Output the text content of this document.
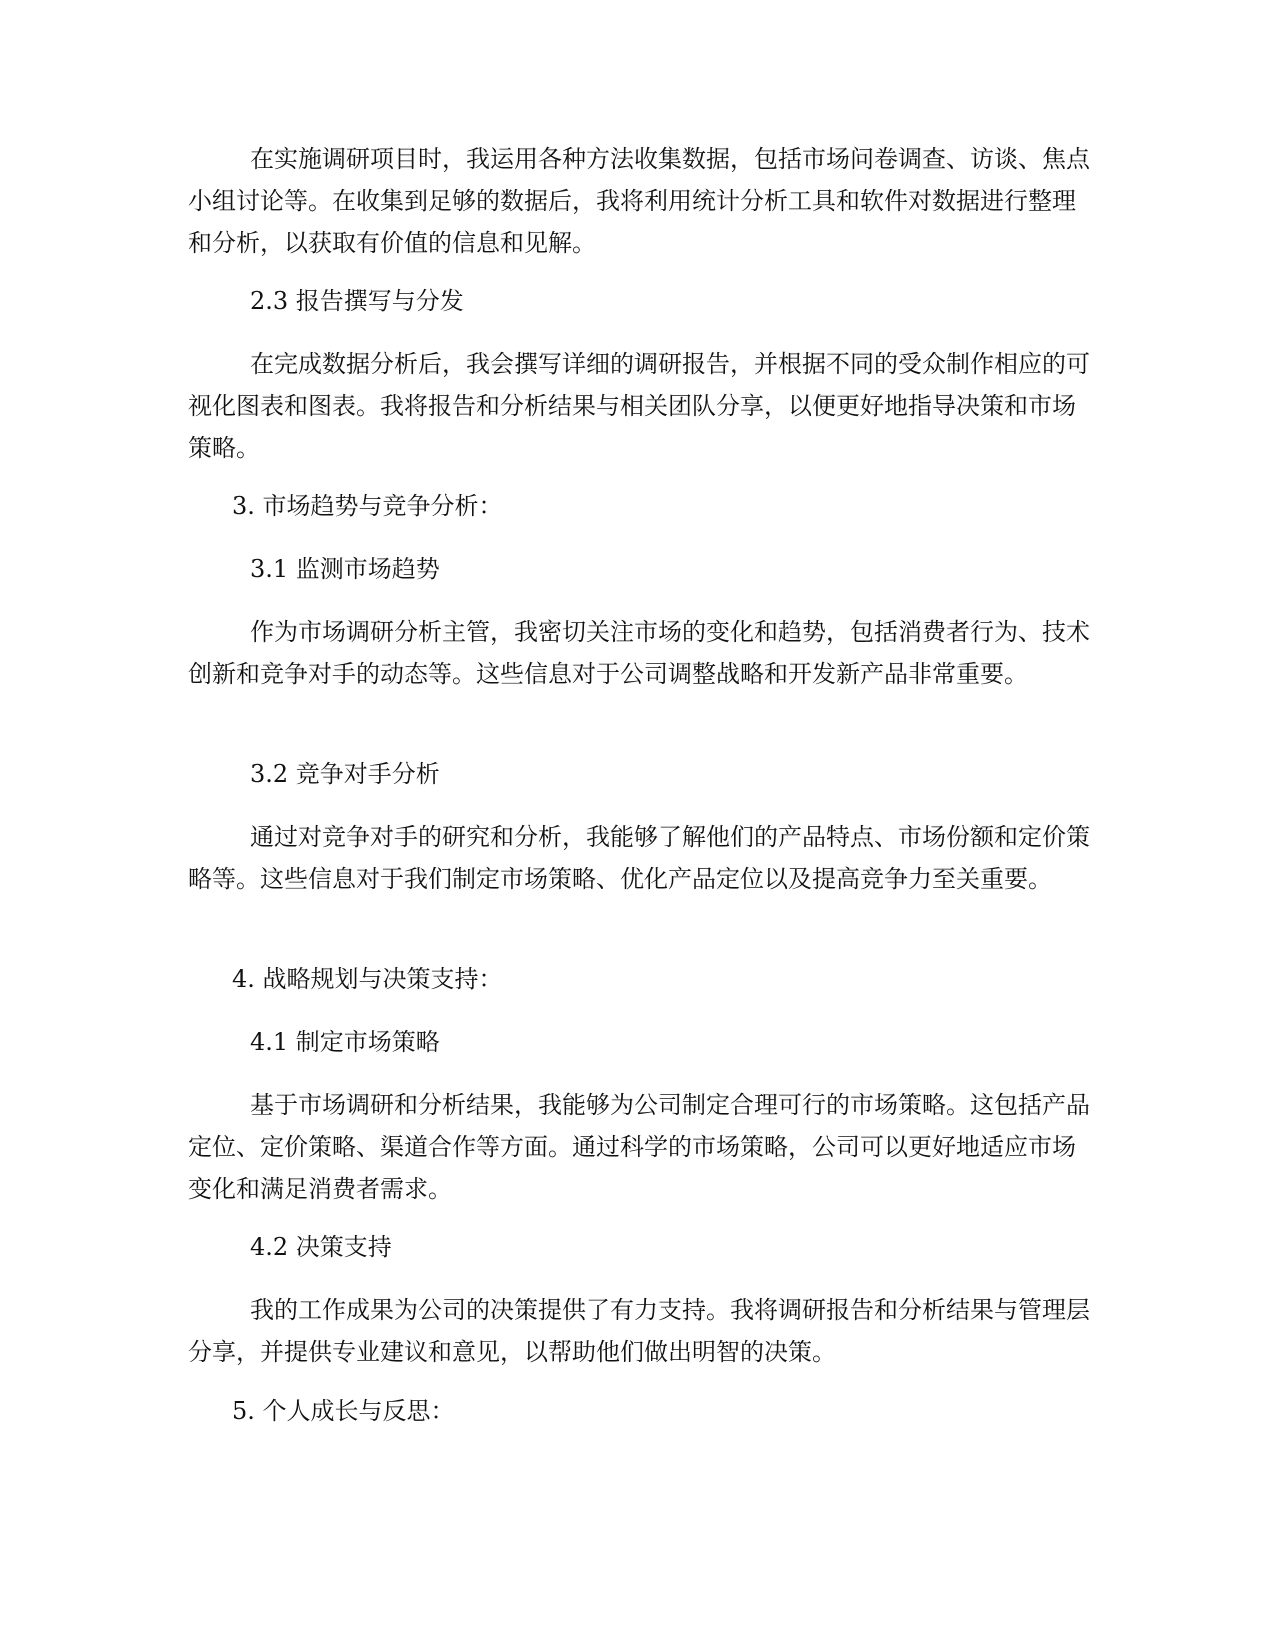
在实施调研项目时，我运用各种方法收集数据，包括市场问卷调查、访谈、焦点小组讨论等。在收集到足够的数据后，我将利用统计分析工具和软件对数据进行整理和分析，以获取有价值的信息和见解。

2.3 报告撰写与分发

在完成数据分析后，我会撰写详细的调研报告，并根据不同的受众制作相应的可视化图表和图表。我将报告和分析结果与相关团队分享，以便更好地指导决策和市场策略。

3. 市场趋势与竞争分析：

3.1 监测市场趋势

作为市场调研分析主管，我密切关注市场的变化和趋势，包括消费者行为、技术创新和竞争对手的动态等。这些信息对于公司调整战略和开发新产品非常重要。

3.2 竞争对手分析

通过对竞争对手的研究和分析，我能够了解他们的产品特点、市场份额和定价策略等。这些信息对于我们制定市场策略、优化产品定位以及提高竞争力至关重要。

4. 战略规划与决策支持：

4.1 制定市场策略

基于市场调研和分析结果，我能够为公司制定合理可行的市场策略。这包括产品定位、定价策略、渠道合作等方面。通过科学的市场策略，公司可以更好地适应市场变化和满足消费者需求。

4.2 决策支持

我的工作成果为公司的决策提供了有力支持。我将调研报告和分析结果与管理层分享，并提供专业建议和意见，以帮助他们做出明智的决策。

5. 个人成长与反思：
